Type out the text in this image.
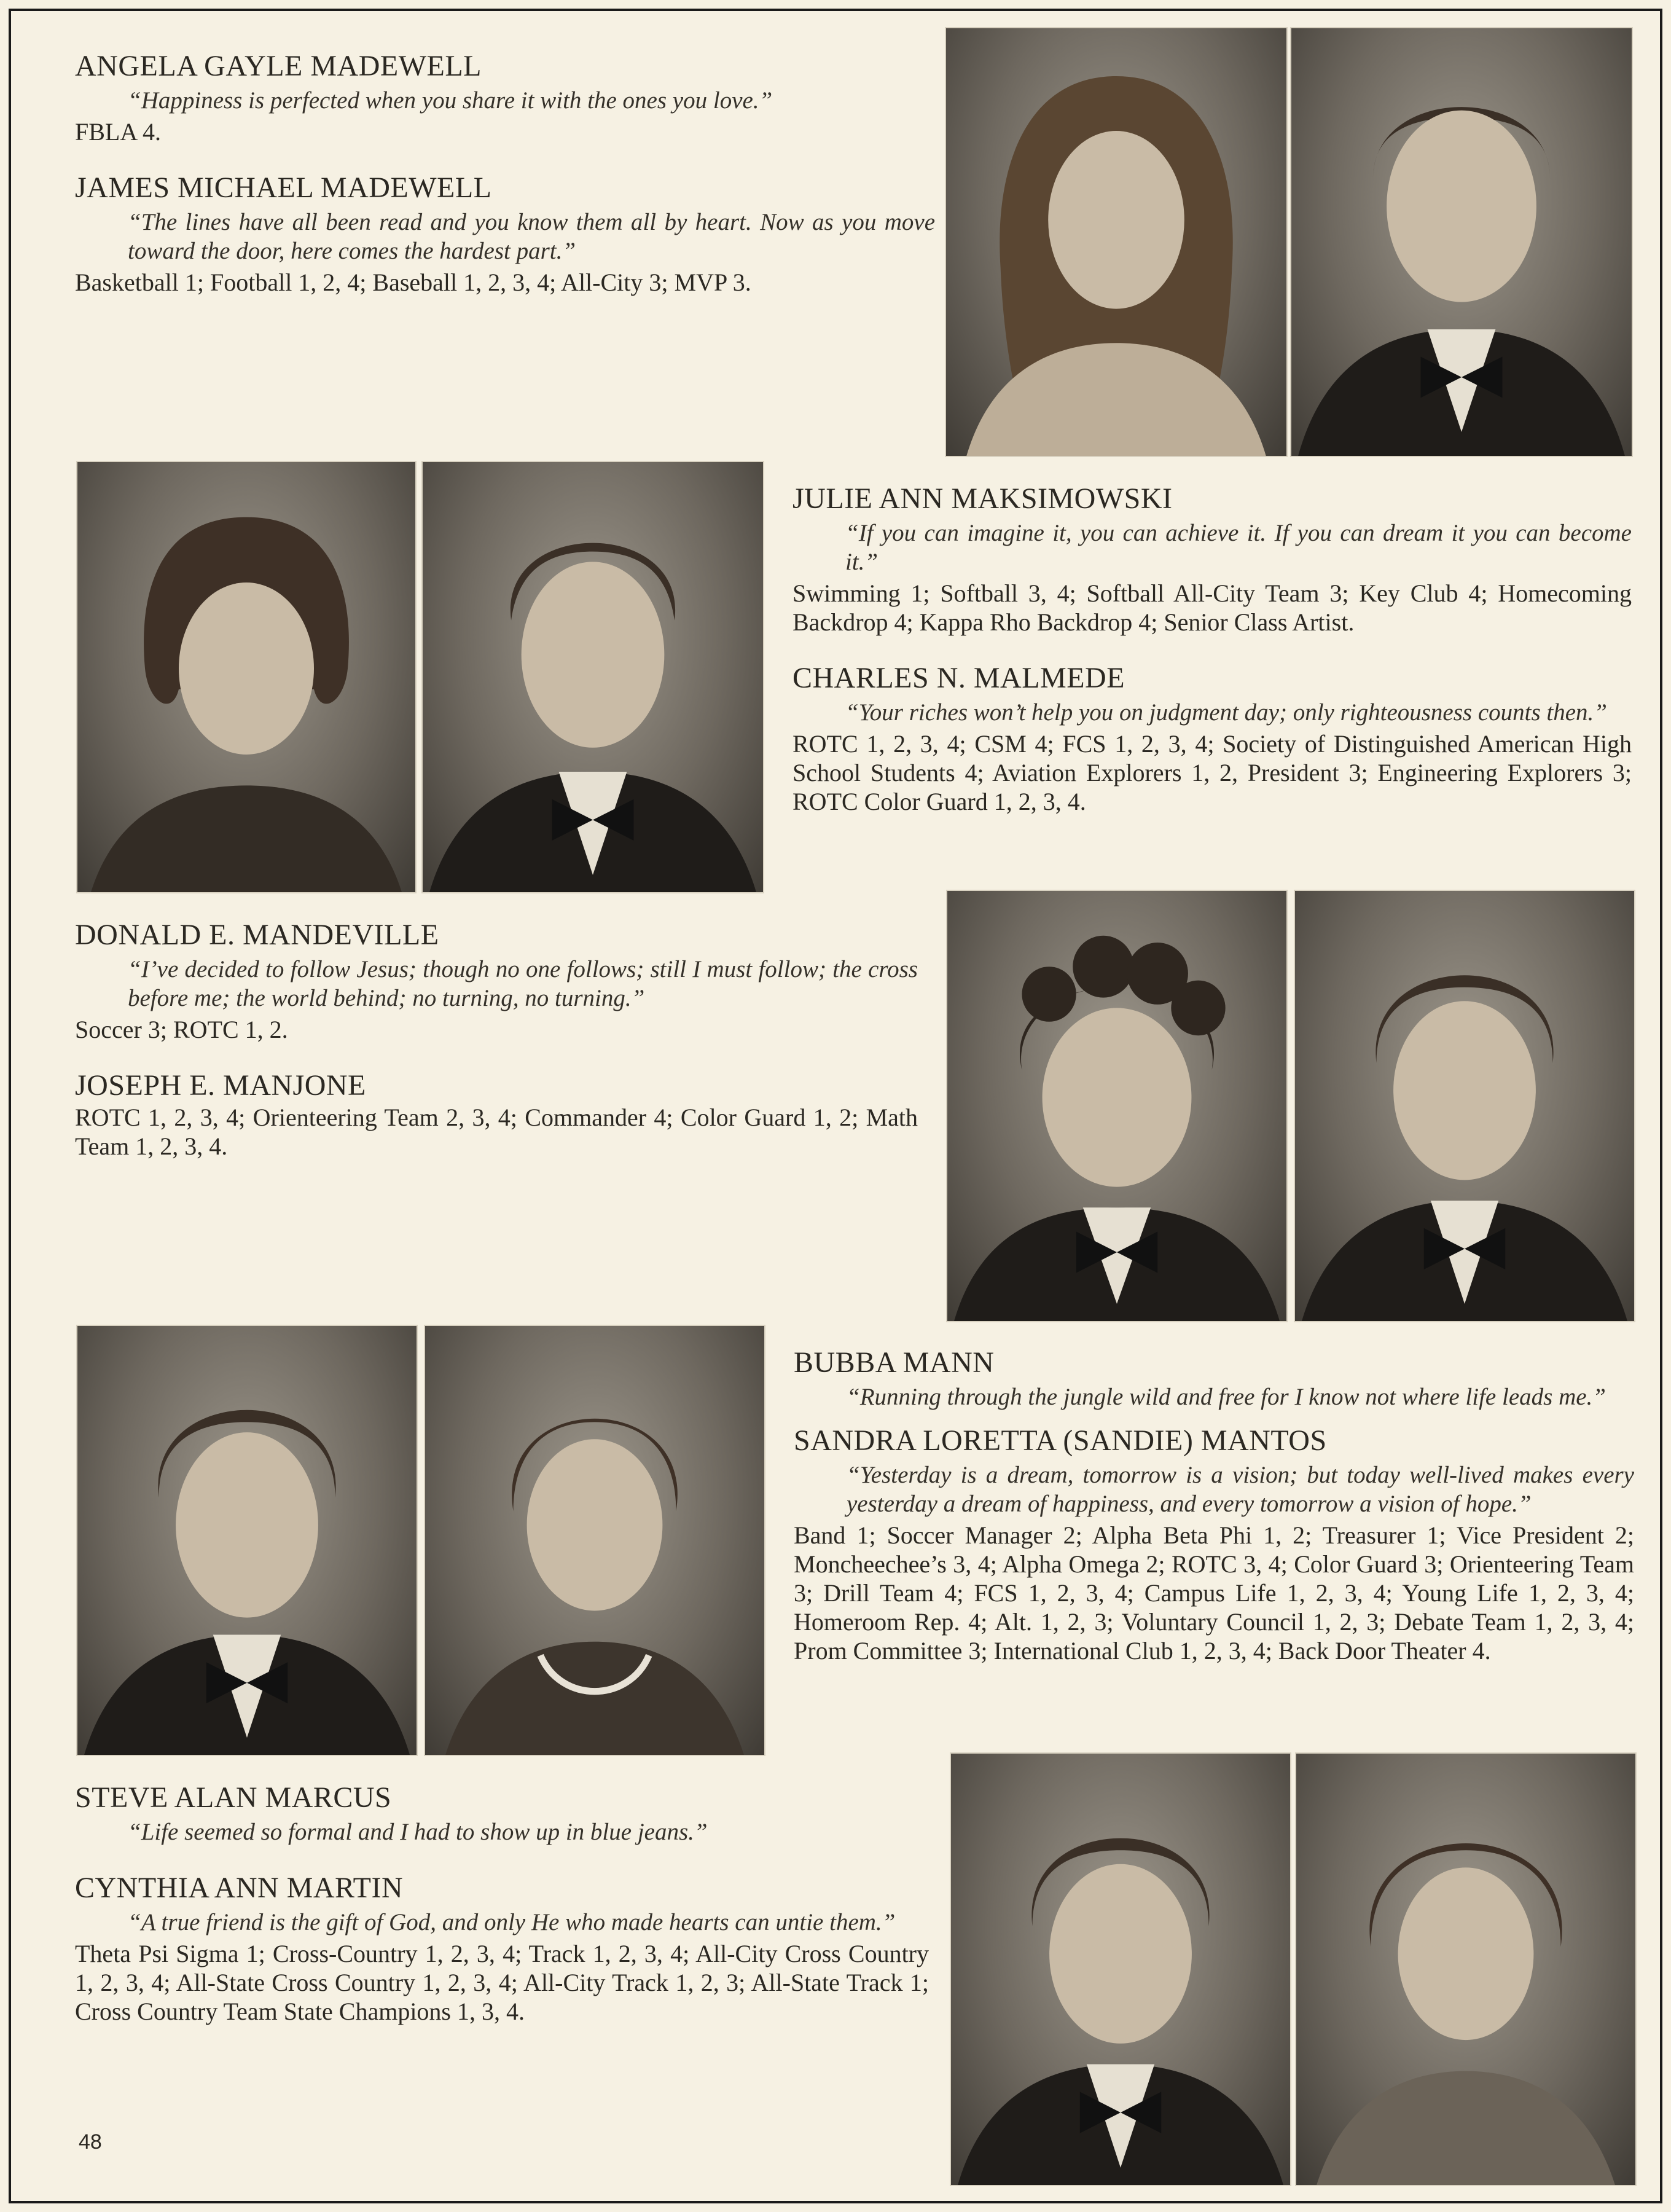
ANGELA GAYLE MADEWELL

“Happiness is perfected when you share it with the ones you love.”

FBLA 4.

JAMES MICHAEL MADEWELL

“The lines have all been read and you know them all by heart. Now as you move toward the door, here comes the hardest part.”

Basketball 1; Football 1, 2, 4; Baseball 1, 2, 3, 4; All-City 3; MVP 3.

JULIE ANN MAKSIMOWSKI

“If you can imagine it, you can achieve it. If you can dream it you can become it.”

Swimming 1; Softball 3, 4; Softball All-City Team 3; Key Club 4; Homecoming Backdrop 4; Kappa Rho Backdrop 4; Senior Class Artist.

CHARLES N. MALMEDE

“Your riches won’t help you on judgment day; only righteousness counts then.”

ROTC 1, 2, 3, 4; CSM 4; FCS 1, 2, 3, 4; Society of Distinguished American High School Students 4; Aviation Explorers 1, 2, President 3; Engineering Explorers 3; ROTC Color Guard 1, 2, 3, 4.

DONALD E. MANDEVILLE

“I’ve decided to follow Jesus; though no one follows; still I must follow; the cross before me; the world behind; no turning, no turning.”

Soccer 3; ROTC 1, 2.

JOSEPH E. MANJONE

ROTC 1, 2, 3, 4; Orienteering Team 2, 3, 4; Commander 4; Color Guard 1, 2; Math Team 1, 2, 3, 4.

BUBBA MANN

“Running through the jungle wild and free for I know not where life leads me.”

SANDRA LORETTA (SANDIE) MANTOS

“Yesterday is a dream, tomorrow is a vision; but today well-lived makes every yesterday a dream of happiness, and every tomorrow a vision of hope.”

Band 1; Soccer Manager 2; Alpha Beta Phi 1, 2; Treasurer 1; Vice President 2; Moncheechee’s 3, 4; Alpha Omega 2; ROTC 3, 4; Color Guard 3; Orienteering Team 3; Drill Team 4; FCS 1, 2, 3, 4; Campus Life 1, 2, 3, 4; Young Life 1, 2, 3, 4; Homeroom Rep. 4; Alt. 1, 2, 3; Voluntary Council 1, 2, 3; Debate Team 1, 2, 3, 4; Prom Committee 3; International Club 1, 2, 3, 4; Back Door Theater 4.

STEVE ALAN MARCUS

“Life seemed so formal and I had to show up in blue jeans.”

CYNTHIA ANN MARTIN

“A true friend is the gift of God, and only He who made hearts can untie them.”

Theta Psi Sigma 1; Cross-Country 1, 2, 3, 4; Track 1, 2, 3, 4; All-City Cross Country 1, 2, 3, 4; All-State Cross Country 1, 2, 3, 4; All-City Track 1, 2, 3; All-State Track 1; Cross Country Team State Champions 1, 3, 4.

48
